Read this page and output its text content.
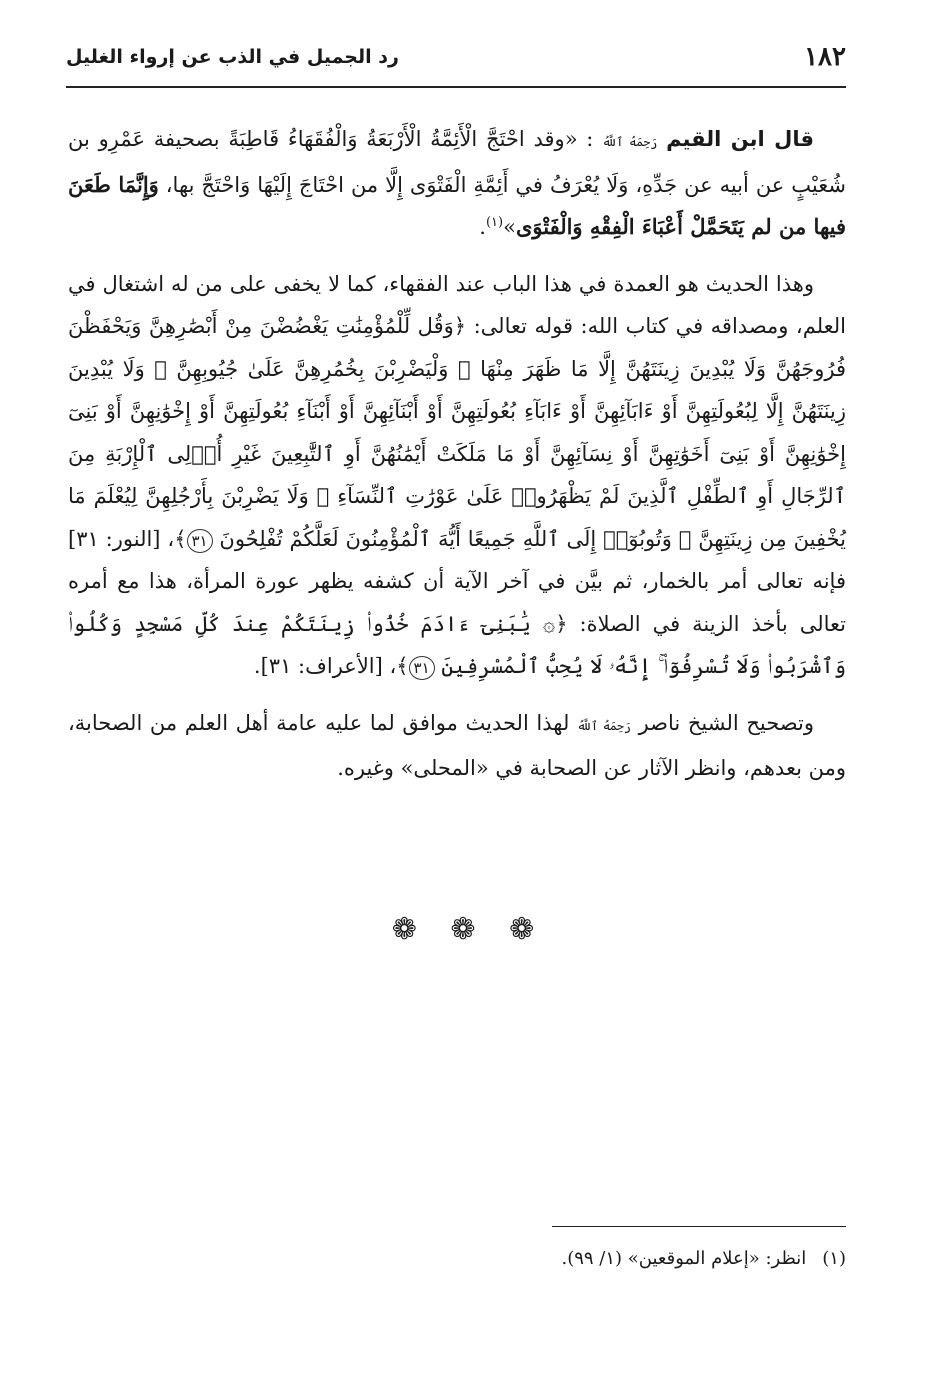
١٨٢
رد الجميل في الذب عن إرواء الغليل

قال ابن القيم رَحِمَهُ ٱللَّهُ : «وقد احْتَجَّ الْأَئِمَّةُ الْأَرْبَعَةُ وَالْفُقَهَاءُ قَاطِبَةً بصحيفة عَمْرِو بن شُعَيْبٍ عن أبيه عن جَدِّهِ، وَلَا يُعْرَفُ في أَئِمَّةِ الْفَتْوَى إِلَّا من احْتَاجَ إِلَيْهَا وَاحْتَجَّ بها، وَإِنَّمَا طَعَنَ فيها من لم يَتَحَمَّلْ أَعْبَاءَ الْفِقْهِ وَالْفَتْوَى»$^{(١)}$.

وهذا الحديث هو العمدة في هذا الباب عند الفقهاء، كما لا يخفى على من له اشتغال في العلم، ومصداقه في كتاب الله: قوله تعالى: ﴿وَقُل لِّلْمُؤْمِنَٰتِ يَغْضُضْنَ مِنْ أَبْصَٰرِهِنَّ وَيَحْفَظْنَ فُرُوجَهُنَّ وَلَا يُبْدِينَ زِينَتَهُنَّ إِلَّا مَا ظَهَرَ مِنْهَا ۖ وَلْيَضْرِبْنَ بِخُمُرِهِنَّ عَلَىٰ جُيُوبِهِنَّ ۖ وَلَا يُبْدِينَ زِينَتَهُنَّ إِلَّا لِبُعُولَتِهِنَّ أَوْ ءَابَآئِهِنَّ أَوْ ءَابَآءِ بُعُولَتِهِنَّ أَوْ أَبْنَآئِهِنَّ أَوْ أَبْنَآءِ بُعُولَتِهِنَّ أَوْ إِخْوَٰنِهِنَّ أَوْ بَنِىٓ إِخْوَٰنِهِنَّ أَوْ بَنِىٓ أَخَوَٰتِهِنَّ أَوْ نِسَآئِهِنَّ أَوْ مَا مَلَكَتْ أَيْمَٰنُهُنَّ أَوِ ٱلتَّٰبِعِينَ غَيْرِ أُو۟لِى ٱلْإِرْبَةِ مِنَ ٱلرِّجَالِ أَوِ ٱلطِّفْلِ ٱلَّذِينَ لَمْ يَظْهَرُوا۟ عَلَىٰ عَوْرَٰتِ ٱلنِّسَآءِ ۖ وَلَا يَضْرِبْنَ بِأَرْجُلِهِنَّ لِيُعْلَمَ مَا يُخْفِينَ مِن زِينَتِهِنَّ ۚ وَتُوبُوٓا۟ إِلَى ٱللَّهِ جَمِيعًا أَيُّهَ ٱلْمُؤْمِنُونَ لَعَلَّكُمْ تُفْلِحُونَ ٣١﴾، [النور: ٣١] فإنه تعالى أمر بالخمار، ثم بيَّن في آخر الآية أن كشفه يظهر عورة المرأة، هذا مع أمره تعالى بأخذ الزينة في الصلاة: ﴿۞ يَٰبَنِىٓ ءَادَمَ خُذُوا۟ زِينَتَكُمْ عِندَ كُلِّ مَسْجِدٍ وَكُلُوا۟ وَٱشْرَبُوا۟ وَلَا تُسْرِفُوٓا۟ ۚ إِنَّهُۥ لَا يُحِبُّ ٱلْمُسْرِفِينَ ٣١﴾، [الأعراف: ٣١].

وتصحيح الشيخ ناصر رَحِمَهُ ٱللَّهُ لهذا الحديث موافق لما عليه عامة أهل العلم من الصحابة، ومن بعدهم، وانظر الآثار عن الصحابة في «المحلى» وغيره.

❁ ❁ ❁
(١)انظر: «إعلام الموقعين» (١/ ٩٩).
